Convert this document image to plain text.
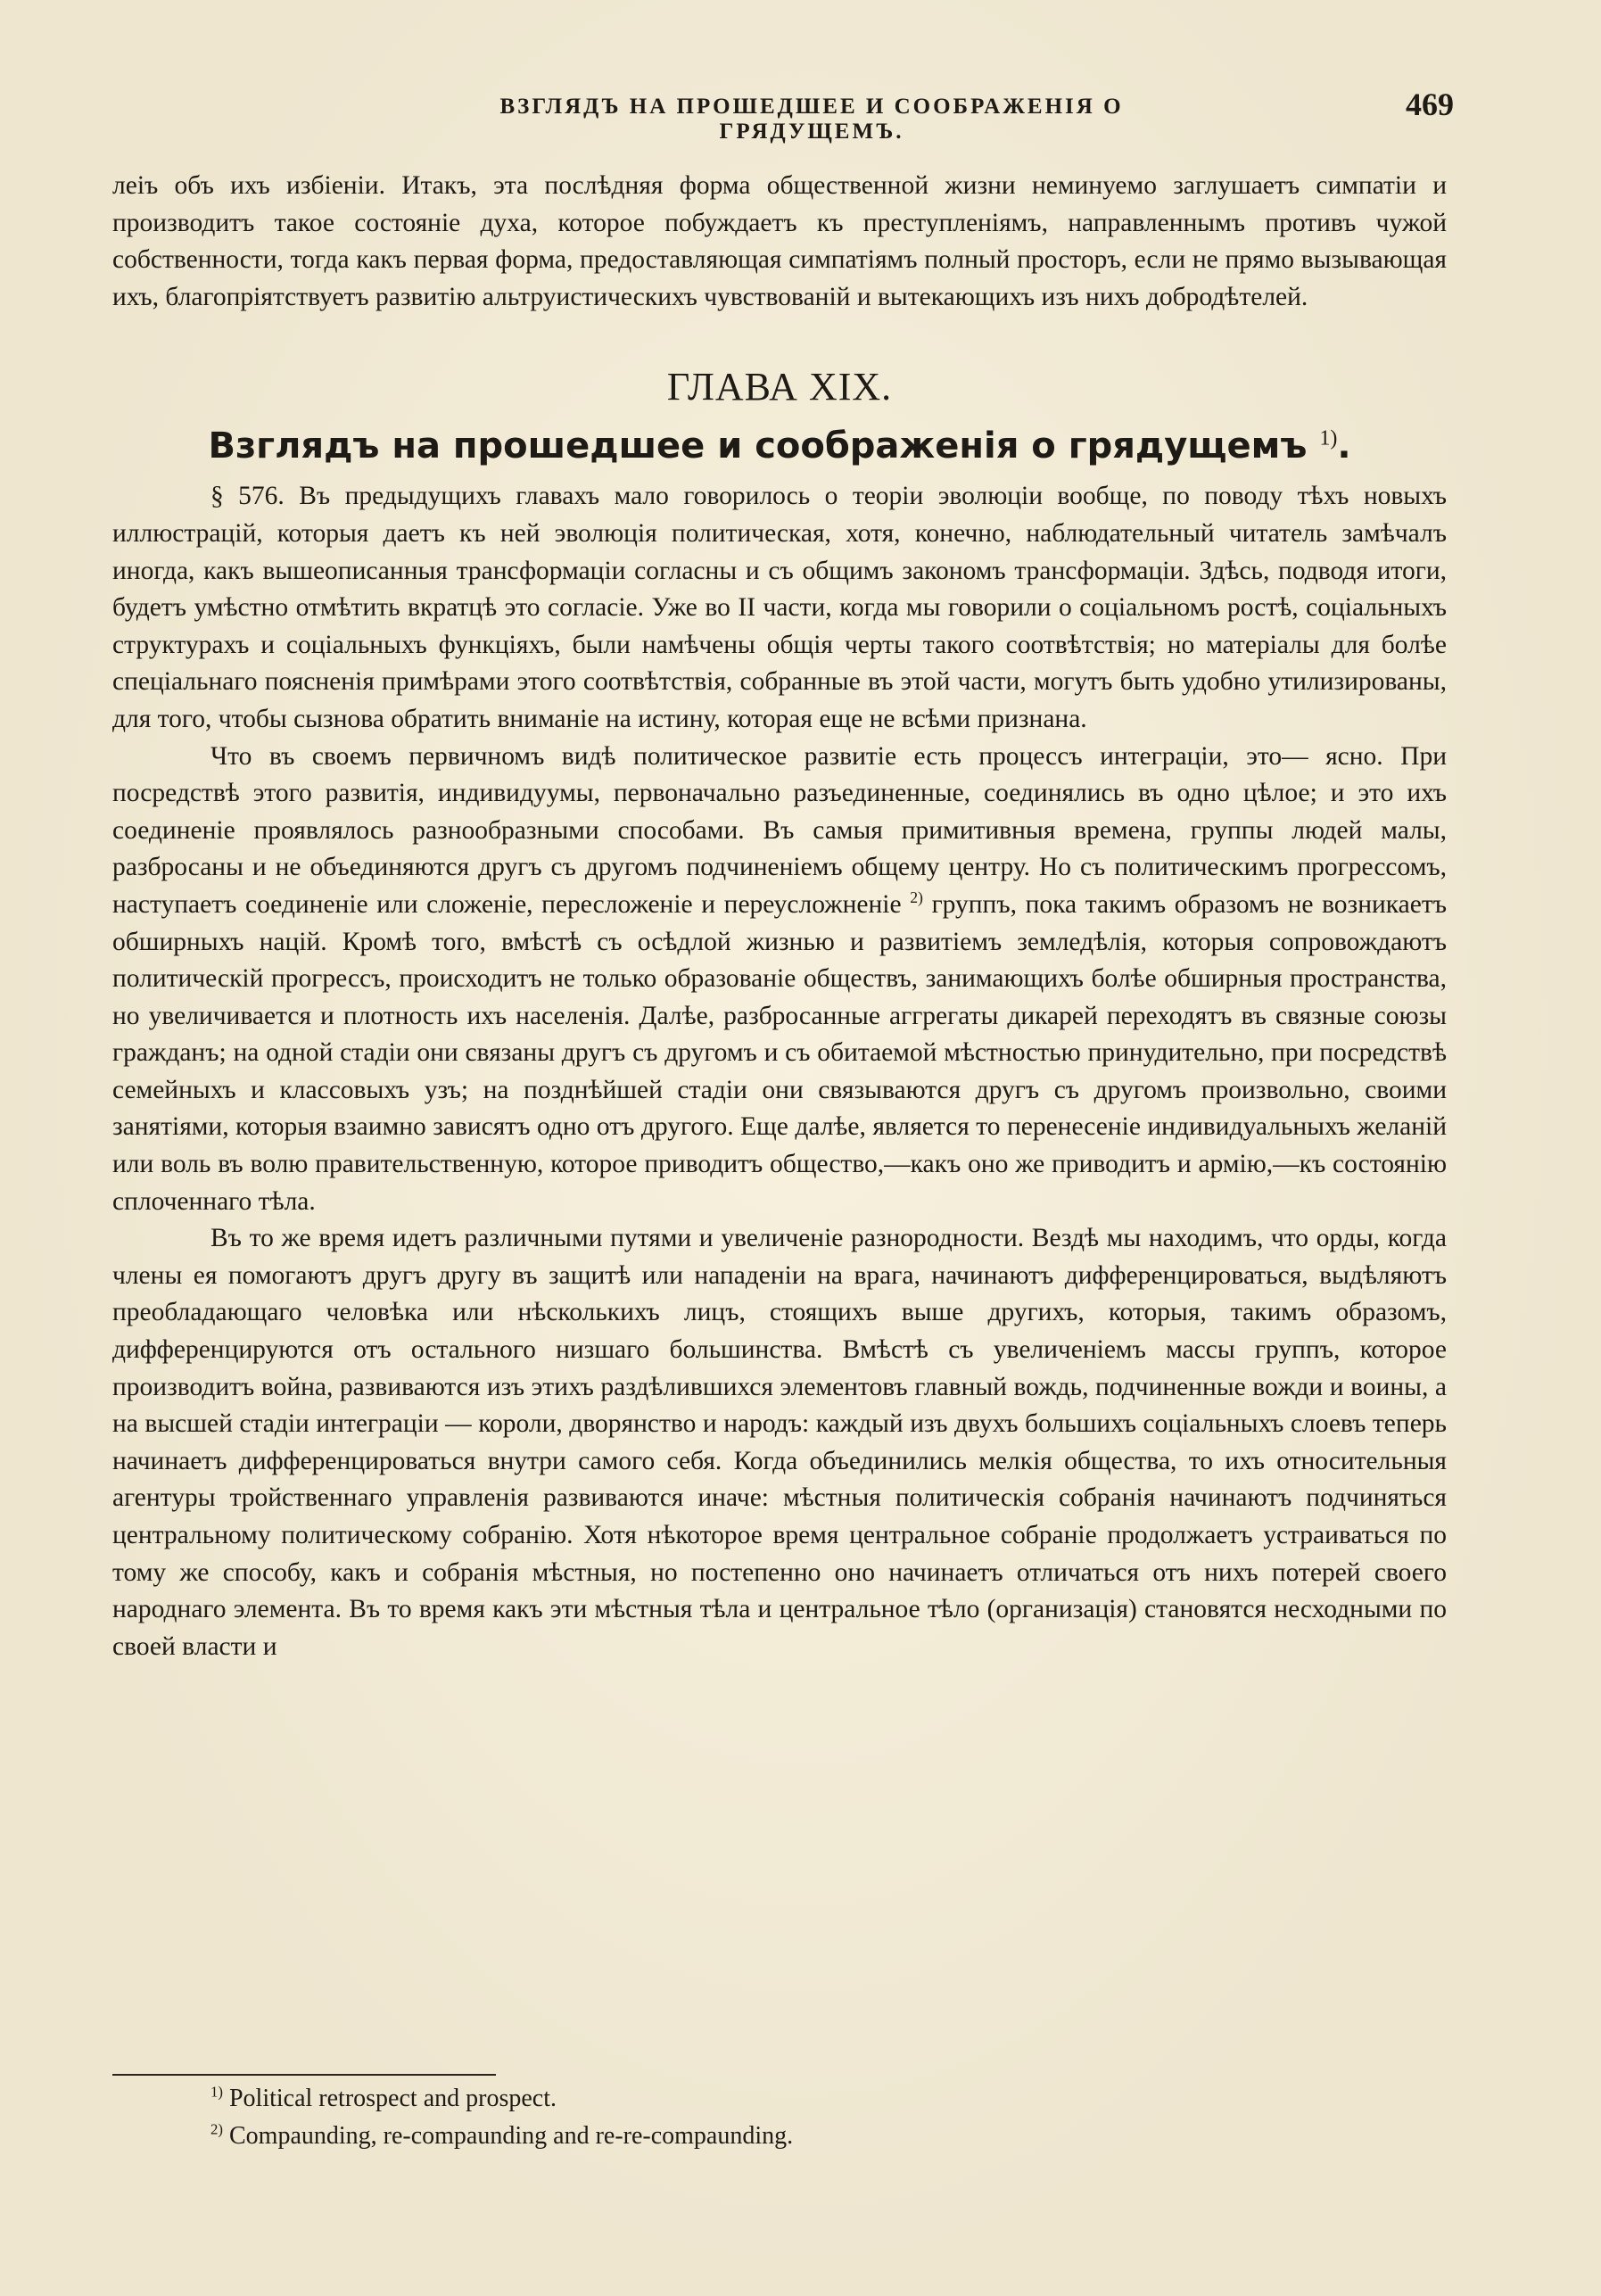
ВЗГЛЯДЪ НА ПРОШЕДШЕЕ И СООБРАЖЕНІЯ О ГРЯДУЩЕМЪ.
469

леiъ объ ихъ избіеніи. Итакъ, эта послѣдняя форма общественной жизни неминуемо заглушаетъ симпатіи и производитъ такое состояніе духа, которое побуждаетъ къ преступленіямъ, направленнымъ противъ чужой собственности, тогда какъ первая форма, предоставляющая симпатіямъ полный просторъ, если не прямо вызывающая ихъ, благопріятствуетъ развитію альтруистическихъ чувствованій и вытекающихъ изъ нихъ добродѣтелей.

ГЛАВА XIX.
Взглядъ на прошедшее и соображенія о грядущемъ $^{1)}$.

§ 576. Въ предыдущихъ главахъ мало говорилось о теоріи эволюціи вообще, по поводу тѣхъ новыхъ иллюстрацій, которыя даетъ къ ней эволюція политическая, хотя, конечно, наблюдательный читатель замѣчалъ иногда, какъ вышеописанныя трансформаціи согласны и съ общимъ закономъ трансформаціи. Здѣсь, подводя итоги, будетъ умѣстно отмѣтить вкратцѣ это согласіе. Уже во II части, когда мы говорили о соціальномъ ростѣ, соціальныхъ структурахъ и соціальныхъ функціяхъ, были намѣчены общія черты такого соотвѣтствія; но матеріалы для болѣе спеціальнаго поясненія примѣрами этого соотвѣтствія, собранные въ этой части, могутъ быть удобно утилизированы, для того, чтобы сызнова обратить вниманіе на истину, которая еще не всѣми признана.

Что въ своемъ первичномъ видѣ политическое развитіе есть процессъ интеграціи, это— ясно. При посредствѣ этого развитія, индивидуумы, первоначально разъединенные, соединялись въ одно цѣлое; и это ихъ соединеніе проявлялось разнообразными способами. Въ самыя примитивныя времена, группы людей малы, разбросаны и не объединяются другъ съ другомъ подчиненіемъ общему центру. Но съ политическимъ прогрессомъ, наступаетъ соединеніе или сложеніе, пересложеніе и переусложненіе $^{2)}$ группъ, пока такимъ образомъ не возникаетъ обширныхъ націй. Кромѣ того, вмѣстѣ съ осѣдлой жизнью и развитіемъ земледѣлія, которыя сопровождаютъ политическій прогрессъ, происходитъ не только образованіе обществъ, занимающихъ болѣе обширныя пространства, но увеличивается и плотность ихъ населенія. Далѣе, разбросанные аггрегаты дикарей переходятъ въ связные союзы гражданъ; на одной стадіи они связаны другъ съ другомъ и съ обитаемой мѣстностью принудительно, при посредствѣ семейныхъ и классовыхъ узъ; на позднѣйшей стадіи они связываются другъ съ другомъ произвольно, своими занятіями, которыя взаимно зависятъ одно отъ другого. Еще далѣе, является то перенесеніе индивидуальныхъ желаній или воль въ волю правительственную, которое приводитъ общество,—какъ оно же приводитъ и армію,—къ состоянію сплоченнаго тѣла.

Въ то же время идетъ различными путями и увеличеніе разнородности. Вездѣ мы находимъ, что орды, когда члены ея помогаютъ другъ другу въ защитѣ или нападеніи на врага, начинаютъ дифференцироваться, выдѣляютъ преобладающаго человѣка или нѣсколькихъ лицъ, стоящихъ выше другихъ, которыя, такимъ образомъ, дифференцируются отъ остального низшаго большинства. Вмѣстѣ съ увеличеніемъ массы группъ, которое производитъ война, развиваются изъ этихъ раздѣлившихся элементовъ главный вождь, подчиненные вожди и воины, а на высшей стадіи интеграціи — короли, дворянство и народъ: каждый изъ двухъ большихъ соціальныхъ слоевъ теперь начинаетъ дифференцироваться внутри самого себя. Когда объединились мелкія общества, то ихъ относительныя агентуры тройственнаго управленія развиваются иначе: мѣстныя политическія собранія начинаютъ подчиняться центральному политическому собранію. Хотя нѣкоторое время центральное собраніе продолжаетъ устраиваться по тому же способу, какъ и собранія мѣстныя, но постепенно оно начинаетъ отличаться отъ нихъ потерей своего народнаго элемента. Въ то время какъ эти мѣстныя тѣла и центральное тѣло (организація) становятся несходными по своей власти и

$^{1)}$ Political retrospect and prospect.

$^{2)}$ Compaunding, re-compaunding and re-re-compaunding.
